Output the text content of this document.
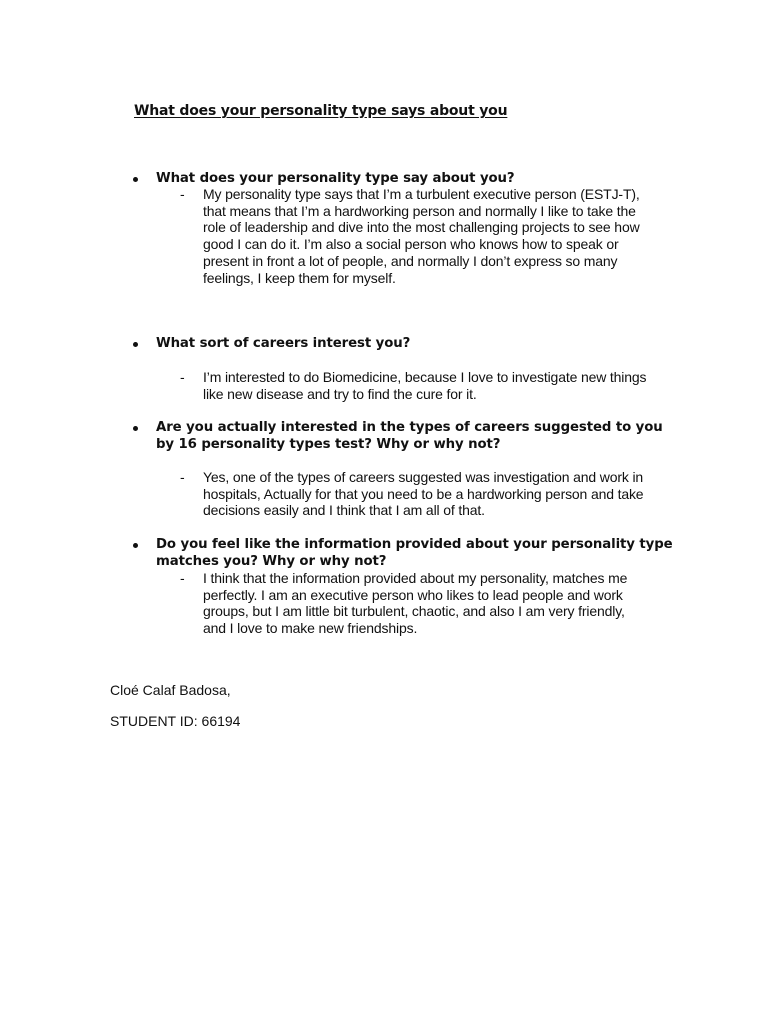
What does your personality type says about you
What does your personality type say about you?
- My personality type says that I’m a turbulent executive person (ESTJ-T), that means that I’m a hardworking person and normally I like to take the role of leadership and dive into the most challenging projects to see how good I can do it. I’m also a social person who knows how to speak or present in front a lot of people, and normally I don’t express so many feelings, I keep them for myself.
What sort of careers interest you?
- I’m interested to do Biomedicine, because I love to investigate new things like new disease and try to find the cure for it.
Are you actually interested in the types of careers suggested to you by 16 personality types test? Why or why not?
- Yes, one of the types of careers suggested was investigation and work in hospitals, Actually for that you need to be a hardworking person and take decisions easily and I think that I am all of that.
Do you feel like the information provided about your personality type matches you? Why or why not?
- I think that the information provided about my personality, matches me perfectly. I am an executive person who likes to lead people and work groups, but I am little bit turbulent, chaotic, and also I am very friendly, and I love to make new friendships.

Cloé Calaf Badosa,

STUDENT ID: 66194
